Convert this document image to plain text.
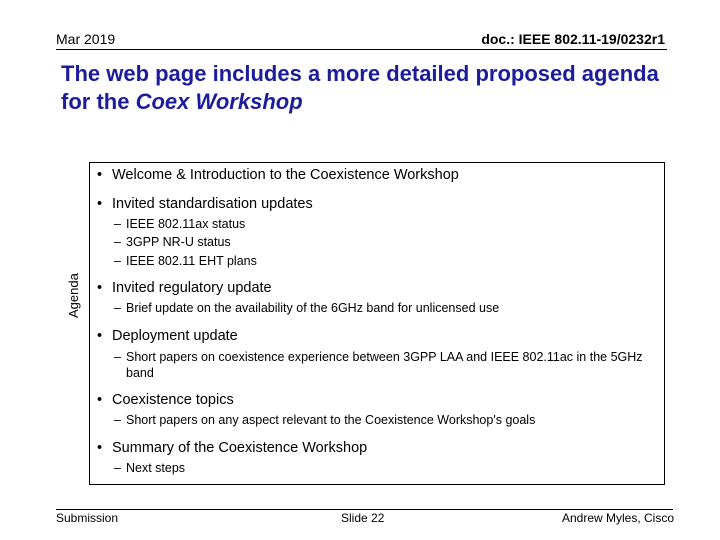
Mar 2019	doc.: IEEE 802.11-19/0232r1
The web page includes a more detailed proposed agenda for the Coex Workshop
Agenda
• Welcome & Introduction to the Coexistence Workshop
• Invited standardisation updates
– IEEE 802.11ax status
– 3GPP NR-U status
– IEEE 802.11 EHT plans
• Invited regulatory update
– Brief update on the availability of the 6GHz band for unlicensed use
• Deployment update
– Short papers on coexistence experience between 3GPP LAA and IEEE 802.11ac in the 5GHz band
• Coexistence topics
– Short papers on any aspect relevant to the Coexistence Workshop's goals
• Summary of the Coexistence Workshop
– Next steps
Submission	Slide 22	Andrew Myles, Cisco
